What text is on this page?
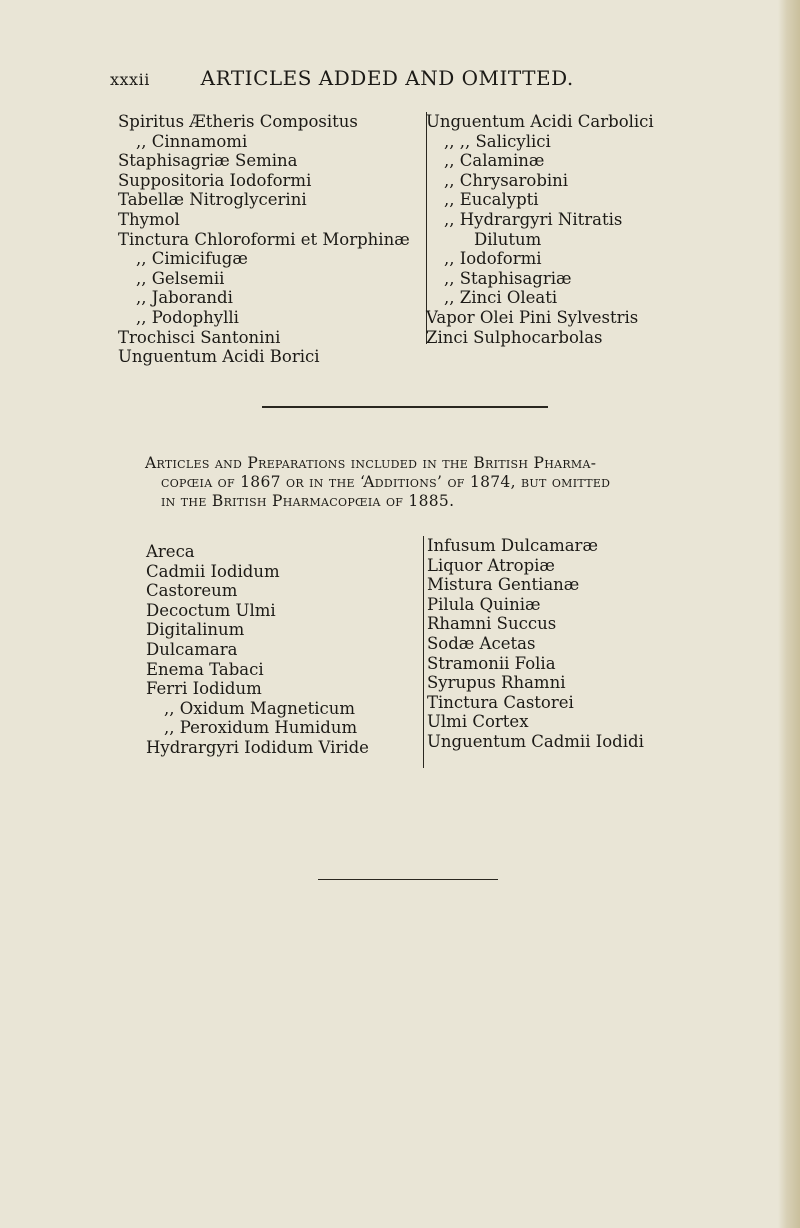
xxxii	ARTICLES ADDED AND OMITTED.
Spiritus Ætheris Compositus
,, Cinnamomi
Staphisagriæ Semina
Suppositoria Iodoformi
Tabellæ Nitroglycerini
Thymol
Tinctura Chloroformi et Morphinæ
,, Cimicifugæ
,, Gelsemii
,, Jaborandi
,, Podophylli
Trochisci Santonini
Unguentum Acidi Borici
Unguentum Acidi Carbolici
,, ,, Salicylici
,, Calaminæ
,, Chrysarobini
,, Eucalypti
,, Hydrargyri Nitratis
Dilutum
,, Iodoformi
,, Staphisagriæ
,, Zinci Oleati
Vapor Olei Pini Sylvestris
Zinci Sulphocarbolas
Articles and Preparations included in the British Pharma-
copœia of 1867 or in the ‘Additions’ of 1874, but omitted
in the British Pharmacopœia of 1885.
Areca
Cadmii Iodidum
Castoreum
Decoctum Ulmi
Digitalinum
Dulcamara
Enema Tabaci
Ferri Iodidum
,, Oxidum Magneticum
,, Peroxidum Humidum
Hydrargyri Iodidum Viride
Infusum Dulcamaræ
Liquor Atropiæ
Mistura Gentianæ
Pilula Quiniæ
Rhamni Succus
Sodæ Acetas
Stramonii Folia
Syrupus Rhamni
Tinctura Castorei
Ulmi Cortex
Unguentum Cadmii Iodidi
